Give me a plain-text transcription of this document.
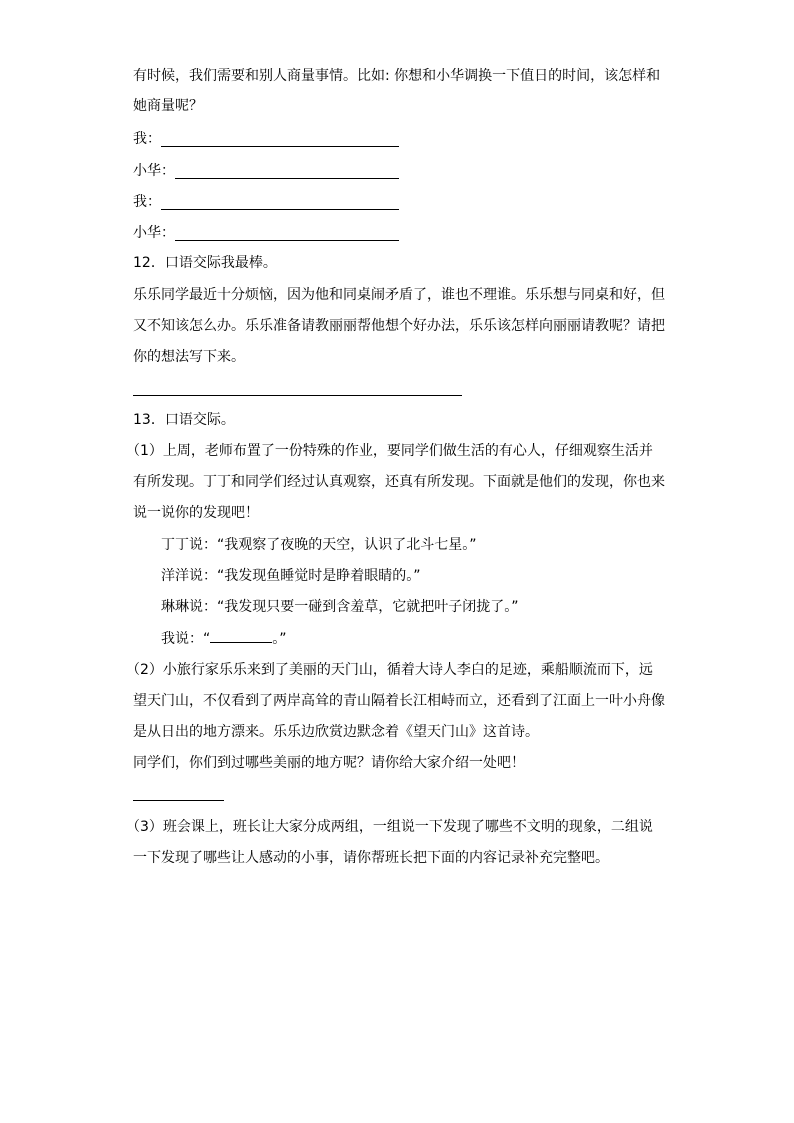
有时候，我们需要和别人商量事情。比如: 你想和小华调换一下值日的时间，该怎样和
她商量呢？
我：
小华：
我：
小华：
12．口语交际我最棒。
乐乐同学最近十分烦恼，因为他和同桌闹矛盾了，谁也不理谁。乐乐想与同桌和好，但
又不知该怎么办。乐乐准备请教丽丽帮他想个好办法，乐乐该怎样向丽丽请教呢？请把
你的想法写下来。
13．口语交际。
（1）上周，老师布置了一份特殊的作业，要同学们做生活的有心人，仔细观察生活并
有所发现。丁丁和同学们经过认真观察，还真有所发现。下面就是他们的发现，你也来
说一说你的发现吧！
丁丁说：“我观察了夜晚的天空，认识了北斗七星。”
洋洋说：“我发现鱼睡觉时是睁着眼睛的。”
琳琳说：“我发现只要一碰到含羞草，它就把叶子闭拢了。”
我说：“	。”
（2）小旅行家乐乐来到了美丽的天门山，循着大诗人李白的足迹，乘船顺流而下，远
望天门山，不仅看到了两岸高耸的青山隔着长江相峙而立，还看到了江面上一叶小舟像
是从日出的地方漂来。乐乐边欣赏边默念着《望天门山》这首诗。
同学们，你们到过哪些美丽的地方呢？请你给大家介绍一处吧！
（3）班会课上，班长让大家分成两组，一组说一下发现了哪些不文明的现象，二组说
一下发现了哪些让人感动的小事，请你帮班长把下面的内容记录补充完整吧。
